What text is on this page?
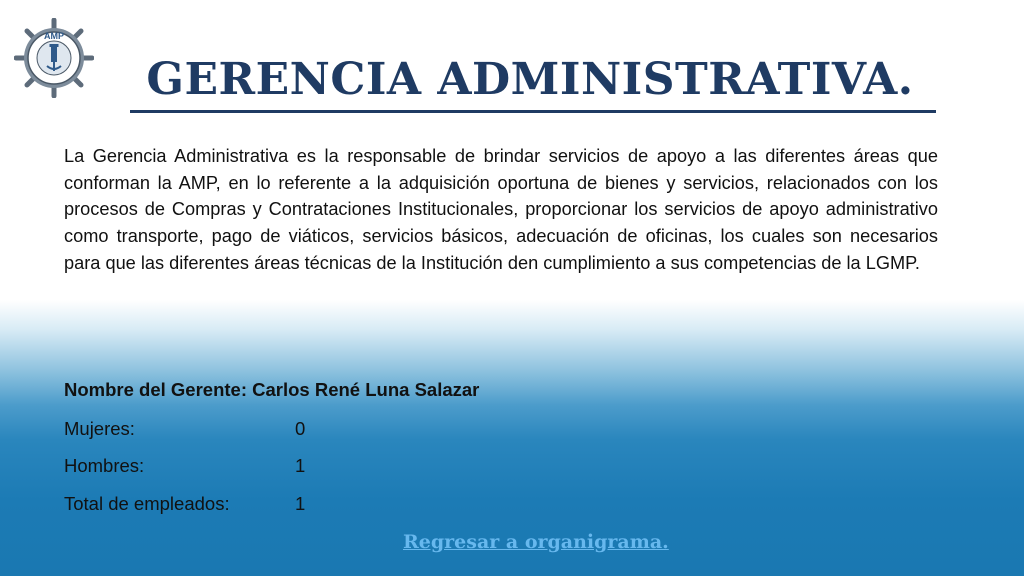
AMP
GERENCIA ADMINISTRATIVA.

La Gerencia Administrativa es la responsable de brindar servicios de apoyo a las diferentes áreas que conforman la AMP, en lo referente a la adquisición oportuna de bienes y servicios, relacionados con los procesos de Compras y Contrataciones Institucionales, proporcionar los servicios de apoyo administrativo como transporte, pago de viáticos, servicios básicos, adecuación de oficinas, los cuales son necesarios para que las diferentes áreas técnicas de la Institución den cumplimiento a sus competencias de la LGMP.

Nombre del Gerente: Carlos René Luna Salazar
Mujeres:	0
Hombres:	1
Total de empleados:	1
Regresar a organigrama.
